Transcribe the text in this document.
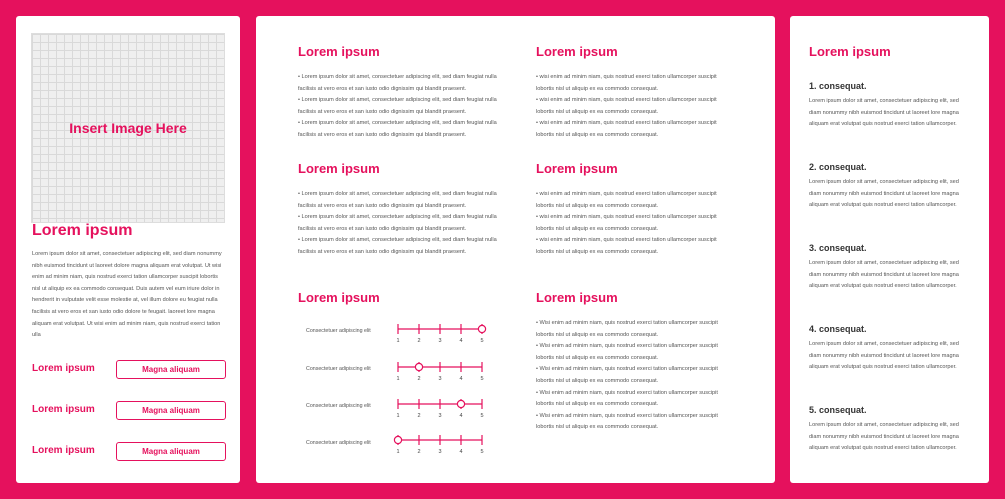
Insert Image Here
Lorem ipsum
Lorem ipsum dolor sit amet, consectetuer adipiscing elit, sed diam nonummy nibh euismod tincidunt ut laoreet dolore magna aliquam erat volutpat. Ut wisi enim ad minim niam, quis nostrud exerci tation ullamcorper suscipit lobortis nisl ut aliquip ex ea commodo consequat. Duis autem vel eum iriure dolor in hendrerit in vulputate velit esse molestie at, vel illum dolore eu feugiat nulla facilisis at vero eros et san iusto odio dolore te feugait. laoreet lore magna aliquam erat volutpat. Ut wisi enim ad minim niam, quis nostrud exerci tation ulla
Lorem ipsum	Magna aliquam
Lorem ipsum	Magna aliquam
Lorem ipsum	Magna aliquam
Lorem ipsum

• Lorem ipsum dolor sit amet, consectetuer adipiscing elit, sed diam feugiat nulla facilisis at vero eros et san iusto odio dignissim qui blandit praesent.

• Lorem ipsum dolor sit amet, consectetuer adipiscing elit, sed diam feugiat nulla facilisis at vero eros et san iusto odio dignissim qui blandit praesent.

• Lorem ipsum dolor sit amet, consectetuer adipiscing elit, sed diam feugiat nulla facilisis at vero eros et san iusto odio dignissim qui blandit praesent.

Lorem ipsum

• wisi enim ad minim niam, quis nostrud exerci tation ullamcorper suscipit lobortis nisl ut aliquip ex ea commodo consequat.

• wisi enim ad minim niam, quis nostrud exerci tation ullamcorper suscipit lobortis nisl ut aliquip ex ea commodo consequat.

• wisi enim ad minim niam, quis nostrud exerci tation ullamcorper suscipit lobortis nisl ut aliquip ex ea commodo consequat.

Lorem ipsum

• Lorem ipsum dolor sit amet, consectetuer adipiscing elit, sed diam feugiat nulla facilisis at vero eros et san iusto odio dignissim qui blandit praesent.

• Lorem ipsum dolor sit amet, consectetuer adipiscing elit, sed diam feugiat nulla facilisis at vero eros et san iusto odio dignissim qui blandit praesent.

• Lorem ipsum dolor sit amet, consectetuer adipiscing elit, sed diam feugiat nulla facilisis at vero eros et san iusto odio dignissim qui blandit praesent.

Lorem ipsum

• wisi enim ad minim niam, quis nostrud exerci tation ullamcorper suscipit lobortis nisl ut aliquip ex ea commodo consequat.

• wisi enim ad minim niam, quis nostrud exerci tation ullamcorper suscipit lobortis nisl ut aliquip ex ea commodo consequat.

• wisi enim ad minim niam, quis nostrud exerci tation ullamcorper suscipit lobortis nisl ut aliquip ex ea commodo consequat.

Lorem ipsum
Consectetuer adipiscing elit
1	2	3	4	5
Consectetuer adipiscing elit
1	2	3	4	5
Consectetuer adipiscing elit
1	2	3	4	5
Consectetuer adipiscing elit
1	2	3	4	5
Lorem ipsum

• Wisi enim ad minim niam, quis nostrud exerci tation ullamcorper suscipit lobortis nisl ut aliquip ex ea commodo consequat.

• Wisi enim ad minim niam, quis nostrud exerci tation ullamcorper suscipit lobortis nisl ut aliquip ex ea commodo consequat.

• Wisi enim ad minim niam, quis nostrud exerci tation ullamcorper suscipit lobortis nisl ut aliquip ex ea commodo consequat.

• Wisi enim ad minim niam, quis nostrud exerci tation ullamcorper suscipit lobortis nisl ut aliquip ex ea commodo consequat.

• Wisi enim ad minim niam, quis nostrud exerci tation ullamcorper suscipit lobortis nisl ut aliquip ex ea commodo consequat.

Lorem ipsum
1. consequat.
Lorem ipsum dolor sit amet, consectetuer adipiscing elit, sed diam nonummy nibh euismod tincidunt ut laoreet lore magna aliquam erat volutpat quis nostrud exerci tation ullamcorper.
2. consequat.
Lorem ipsum dolor sit amet, consectetuer adipiscing elit, sed diam nonummy nibh euismod tincidunt ut laoreet lore magna aliquam erat volutpat quis nostrud exerci tation ullamcorper.
3. consequat.
Lorem ipsum dolor sit amet, consectetuer adipiscing elit, sed diam nonummy nibh euismod tincidunt ut laoreet lore magna aliquam erat volutpat quis nostrud exerci tation ullamcorper.
4. consequat.
Lorem ipsum dolor sit amet, consectetuer adipiscing elit, sed diam nonummy nibh euismod tincidunt ut laoreet lore magna aliquam erat volutpat quis nostrud exerci tation ullamcorper.
5. consequat.
Lorem ipsum dolor sit amet, consectetuer adipiscing elit, sed diam nonummy nibh euismod tincidunt ut laoreet lore magna aliquam erat volutpat quis nostrud exerci tation ullamcorper.
